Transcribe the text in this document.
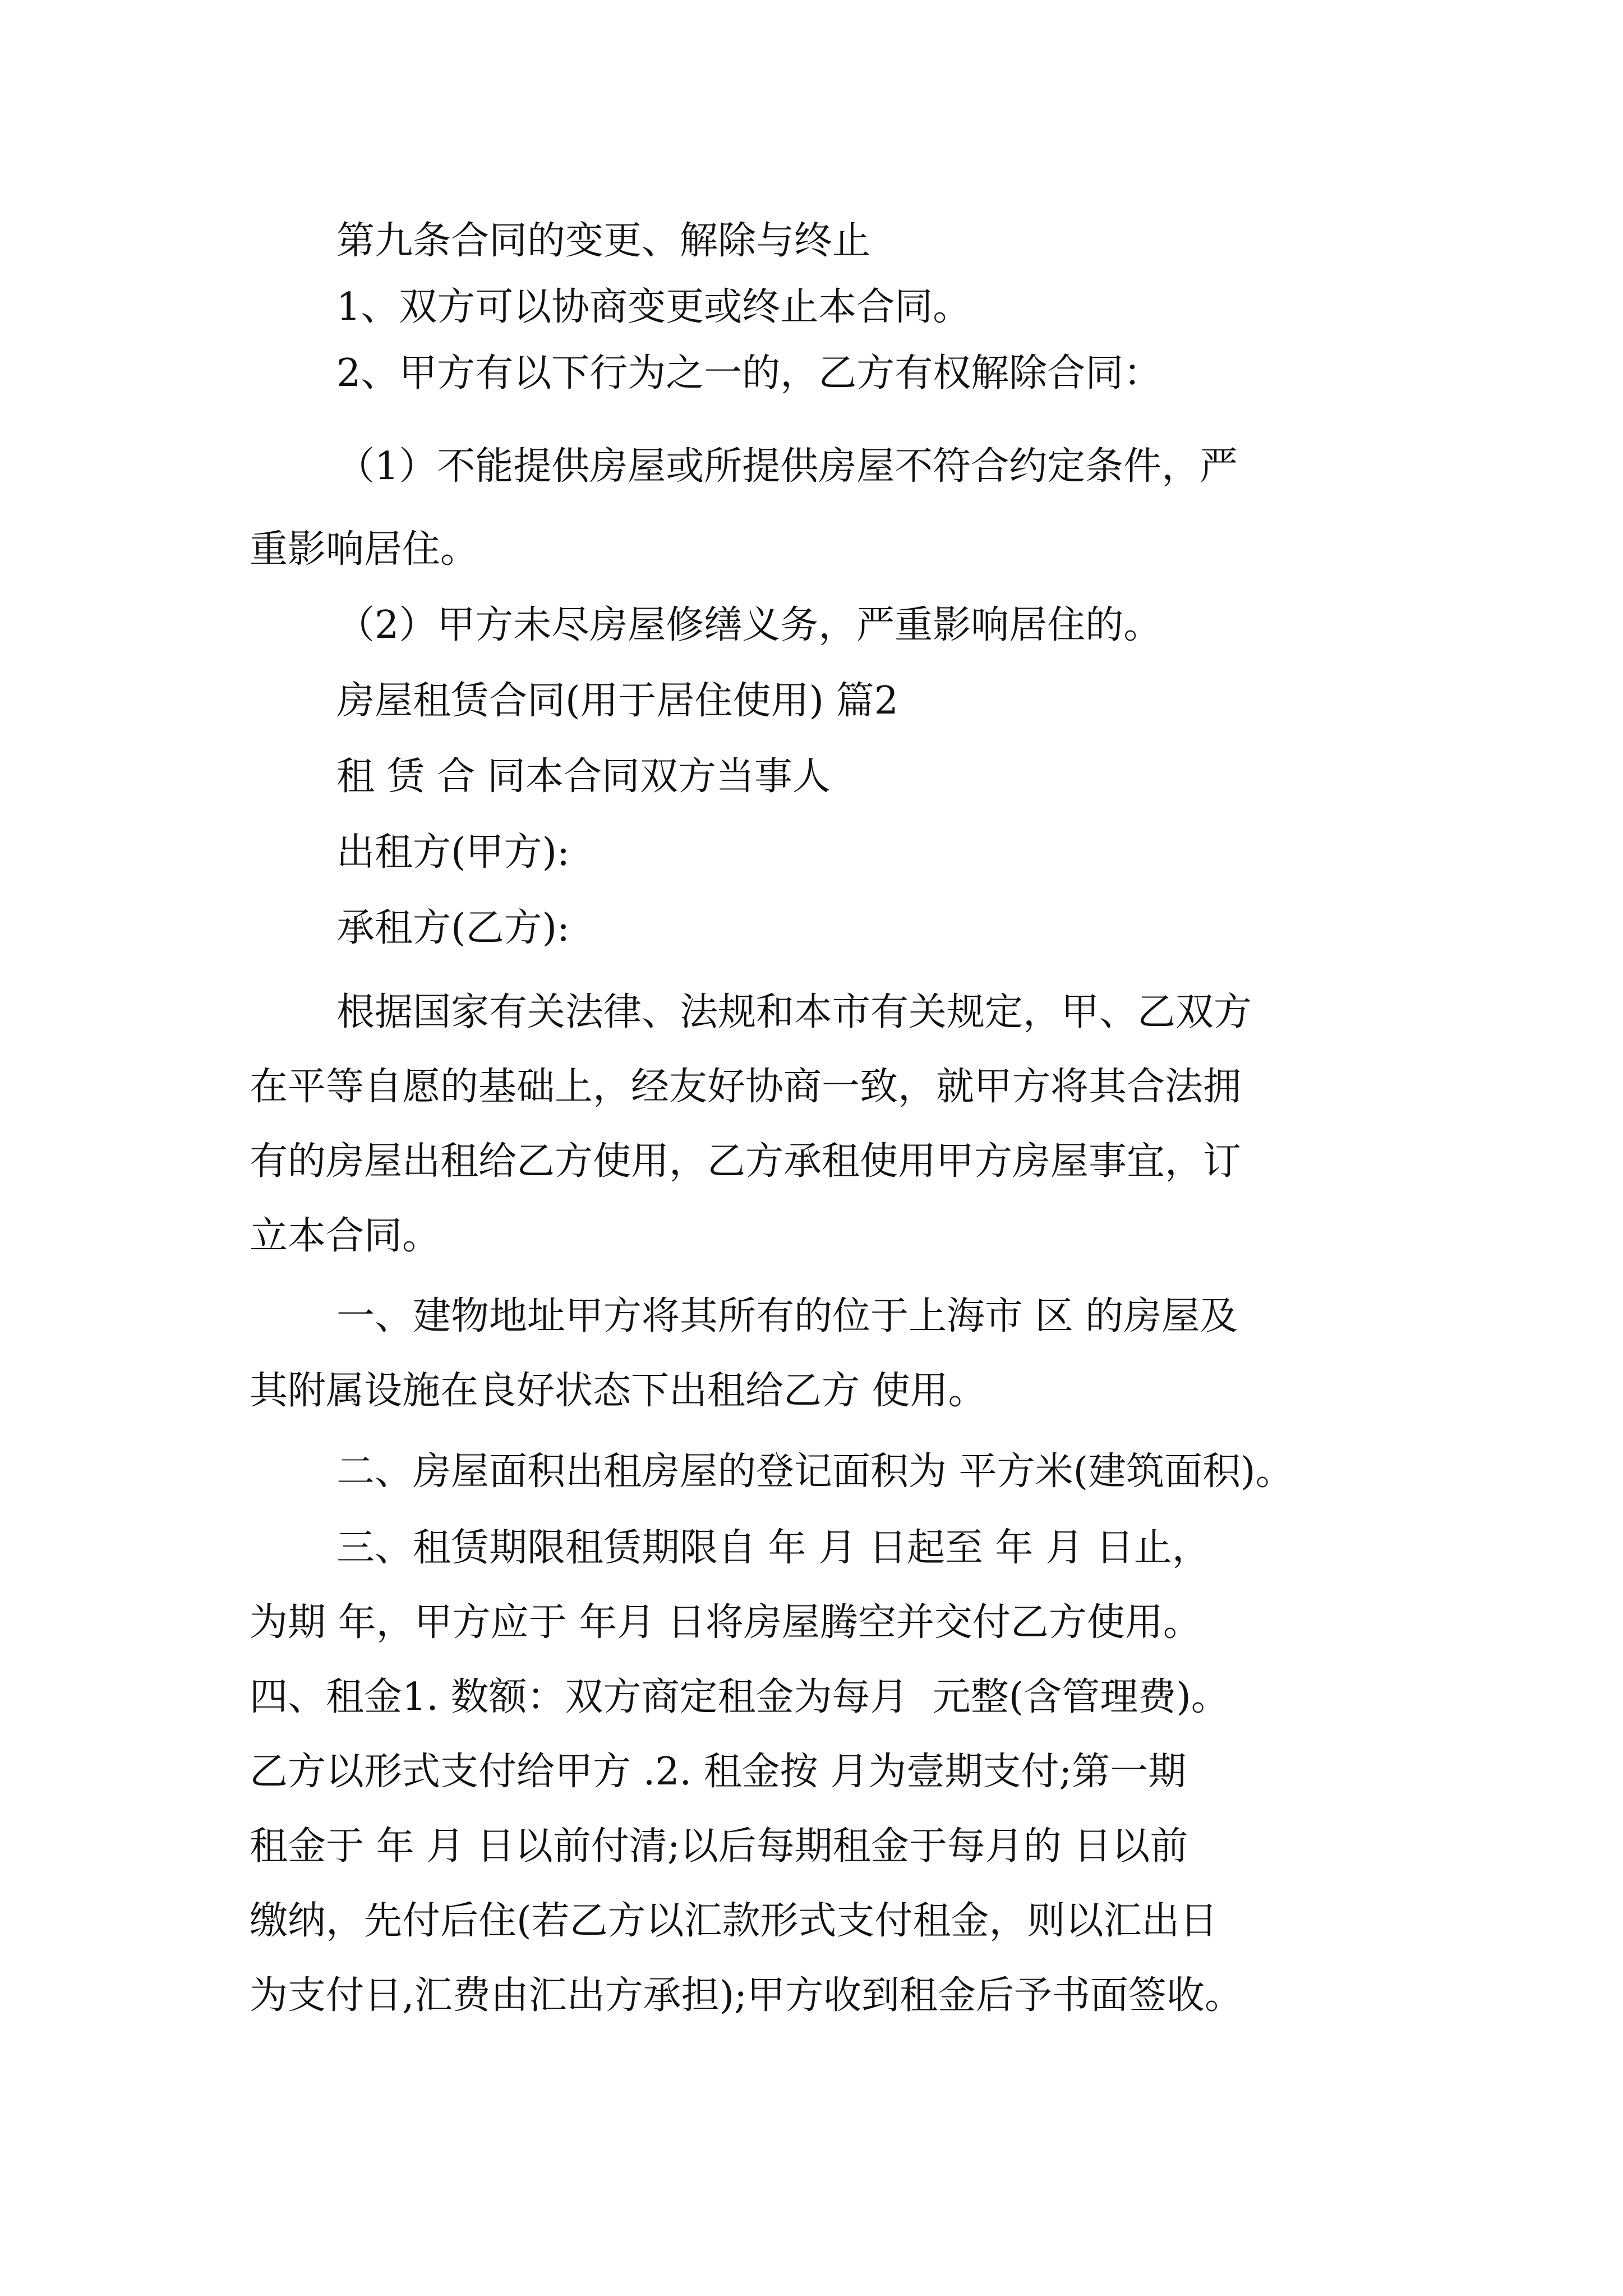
第九条合同的变更、解除与终止

1、双方可以协商变更或终止本合同。

2、甲方有以下行为之一的，乙方有权解除合同：

（1）不能提供房屋或所提供房屋不符合约定条件，严

重影响居住。

（2）甲方未尽房屋修缮义务，严重影响居住的。

房屋租赁合同(用于居住使用) 篇2

租 赁 合 同本合同双方当事人

出租方(甲方):

承租方(乙方):

根据国家有关法律、法规和本市有关规定，甲、乙双方

在平等自愿的基础上，经友好协商一致，就甲方将其合法拥

有的房屋出租给乙方使用，乙方承租使用甲方房屋事宜，订

立本合同。

一、建物地址甲方将其所有的位于上海市 区 的房屋及

其附属设施在良好状态下出租给乙方 使用。

二、房屋面积出租房屋的登记面积为 平方米(建筑面积)。

三、租赁期限租赁期限自 年 月 日起至 年 月 日止，

为期 年，甲方应于 年月 日将房屋腾空并交付乙方使用。

四、租金1. 数额：双方商定租金为每月  元整(含管理费)。

乙方以形式支付给甲方 .2. 租金按 月为壹期支付;第一期

租金于 年 月 日以前付清;以后每期租金于每月的 日以前

缴纳，先付后住(若乙方以汇款形式支付租金，则以汇出日

为支付日,汇费由汇出方承担);甲方收到租金后予书面签收。
